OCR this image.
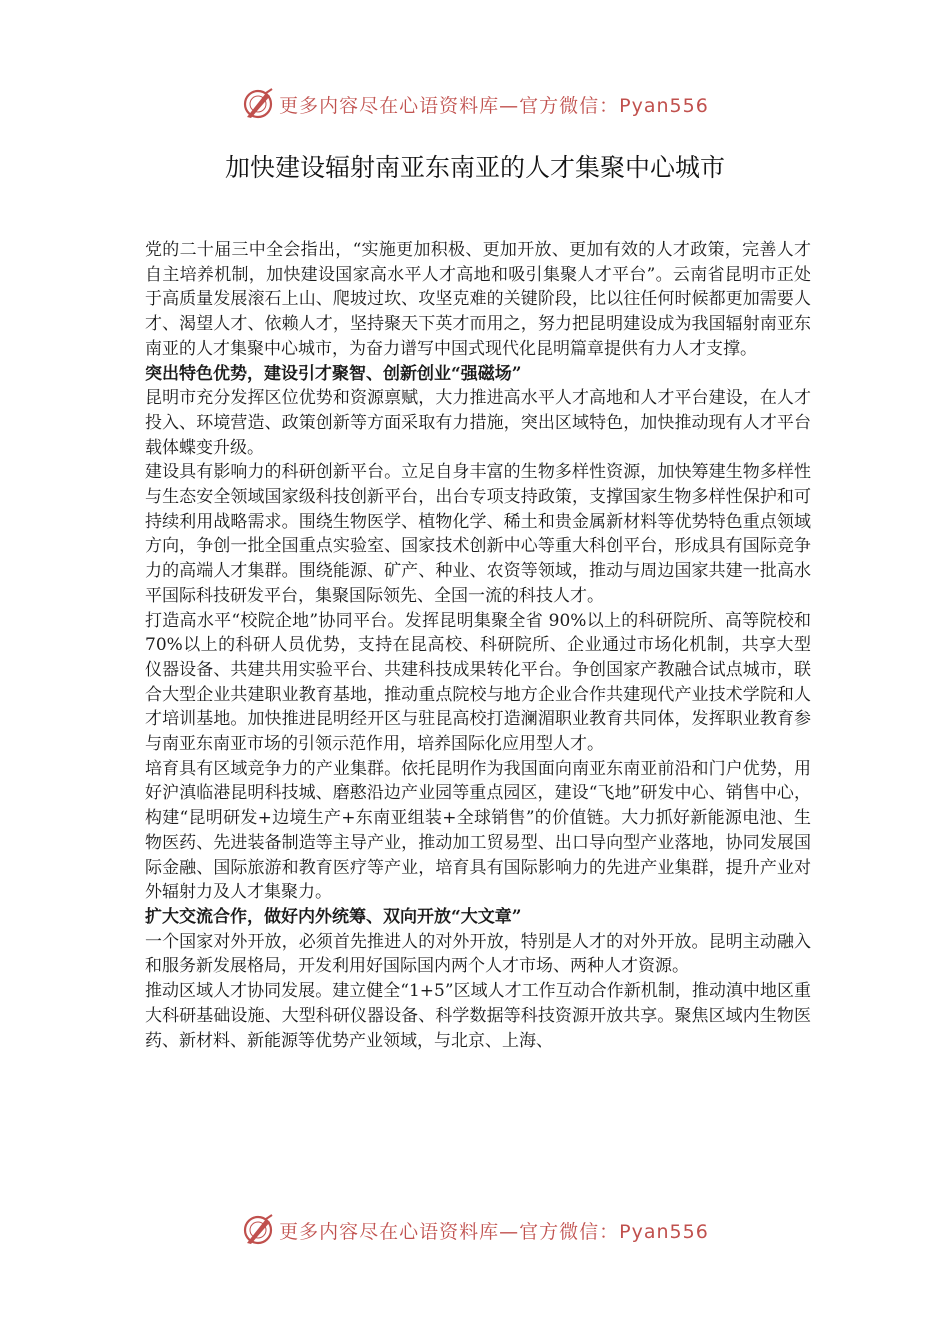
更多内容尽在心语资料库—官方微信：Pyan556
加快建设辐射南亚东南亚的人才集聚中心城市

党的二十届三中全会指出，“实施更加积极、更加开放、更加有效的人才政策，完善人才自主培养机制，加快建设国家高水平人才高地和吸引集聚人才平台”。云南省昆明市正处于高质量发展滚石上山、爬坡过坎、攻坚克难的关键阶段，比以往任何时候都更加需要人才、渴望人才、依赖人才，坚持聚天下英才而用之，努力把昆明建设成为我国辐射南亚东南亚的人才集聚中心城市，为奋力谱写中国式现代化昆明篇章提供有力人才支撑。

突出特色优势，建设引才聚智、创新创业“强磁场”

昆明市充分发挥区位优势和资源禀赋，大力推进高水平人才高地和人才平台建设，在人才投入、环境营造、政策创新等方面采取有力措施，突出区域特色，加快推动现有人才平台载体蝶变升级。

建设具有影响力的科研创新平台。立足自身丰富的生物多样性资源，加快筹建生物多样性与生态安全领域国家级科技创新平台，出台专项支持政策，支撑国家生物多样性保护和可持续利用战略需求。围绕生物医学、植物化学、稀土和贵金属新材料等优势特色重点领域方向，争创一批全国重点实验室、国家技术创新中心等重大科创平台，形成具有国际竞争力的高端人才集群。围绕能源、矿产、种业、农资等领域，推动与周边国家共建一批高水平国际科技研发平台，集聚国际领先、全国一流的科技人才。

打造高水平“校院企地”协同平台。发挥昆明集聚全省 90%以上的科研院所、高等院校和 70%以上的科研人员优势，支持在昆高校、科研院所、企业通过市场化机制，共享大型仪器设备、共建共用实验平台、共建科技成果转化平台。争创国家产教融合试点城市，联合大型企业共建职业教育基地，推动重点院校与地方企业合作共建现代产业技术学院和人才培训基地。加快推进昆明经开区与驻昆高校打造澜湄职业教育共同体，发挥职业教育参与南亚东南亚市场的引领示范作用，培养国际化应用型人才。

培育具有区域竞争力的产业集群。依托昆明作为我国面向南亚东南亚前沿和门户优势，用好沪滇临港昆明科技城、磨憨沿边产业园等重点园区，建设“飞地”研发中心、销售中心，构建“昆明研发+边境生产+东南亚组装+全球销售”的价值链。大力抓好新能源电池、生物医药、先进装备制造等主导产业，推动加工贸易型、出口导向型产业落地，协同发展国际金融、国际旅游和教育医疗等产业，培育具有国际影响力的先进产业集群，提升产业对外辐射力及人才集聚力。

扩大交流合作，做好内外统筹、双向开放“大文章”

一个国家对外开放，必须首先推进人的对外开放，特别是人才的对外开放。昆明主动融入和服务新发展格局，开发利用好国际国内两个人才市场、两种人才资源。

推动区域人才协同发展。建立健全“1+5”区域人才工作互动合作新机制，推动滇中地区重大科研基础设施、大型科研仪器设备、科学数据等科技资源开放共享。聚焦区域内生物医药、新材料、新能源等优势产业领域，与北京、上海、

更多内容尽在心语资料库—官方微信：Pyan556
